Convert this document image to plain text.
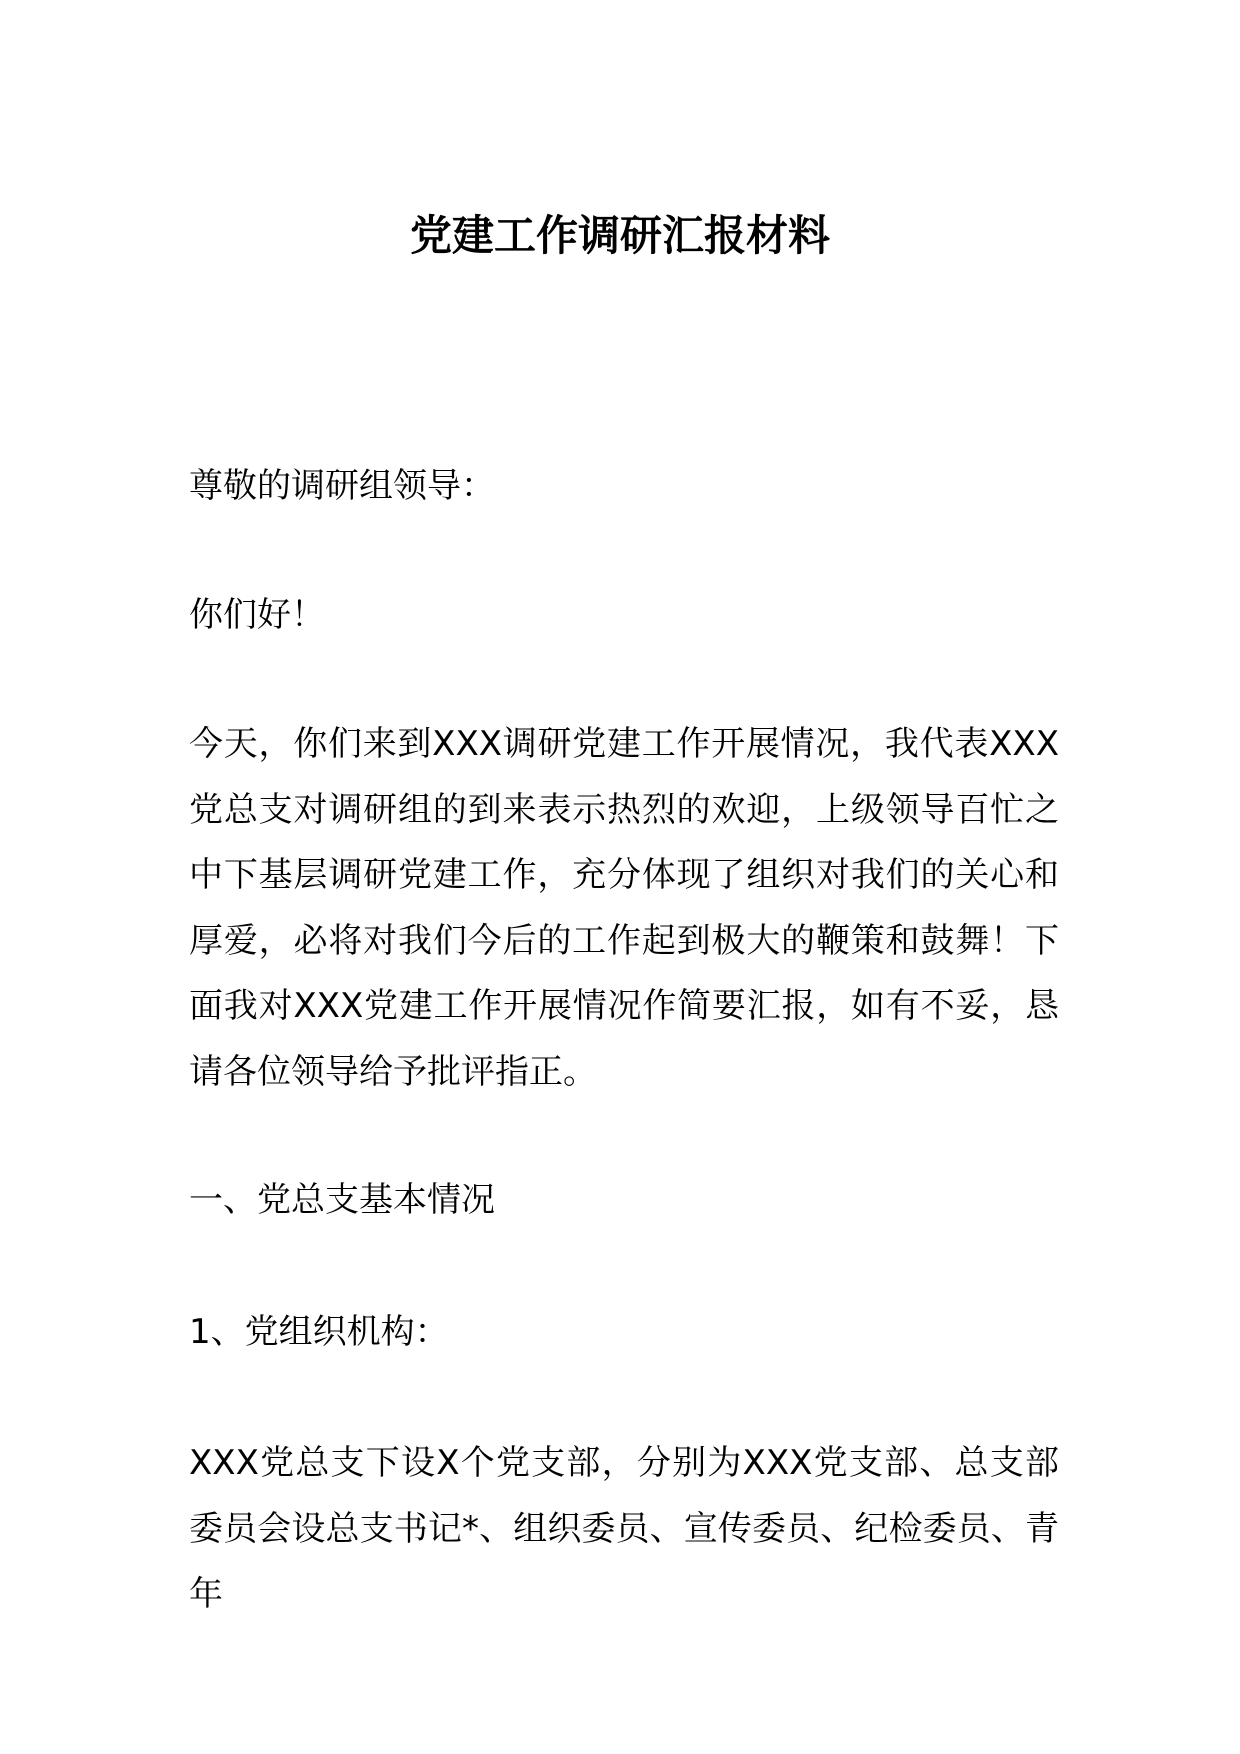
党建工作调研汇报材料
尊敬的调研组领导：
你们好！
今天，你们来到XXX调研党建工作开展情况，我代表XXX党总支对调研组的到来表示热烈的欢迎，上级领导百忙之中下基层调研党建工作，充分体现了组织对我们的关心和厚爱，必将对我们今后的工作起到极大的鞭策和鼓舞！下面我对XXX党建工作开展情况作简要汇报，如有不妥，恳请各位领导给予批评指正。
一、党总支基本情况
1、党组织机构：
XXX党总支下设X个党支部，分别为XXX党支部、总支部委员会设总支书记*、组织委员、宣传委员、纪检委员、青年
